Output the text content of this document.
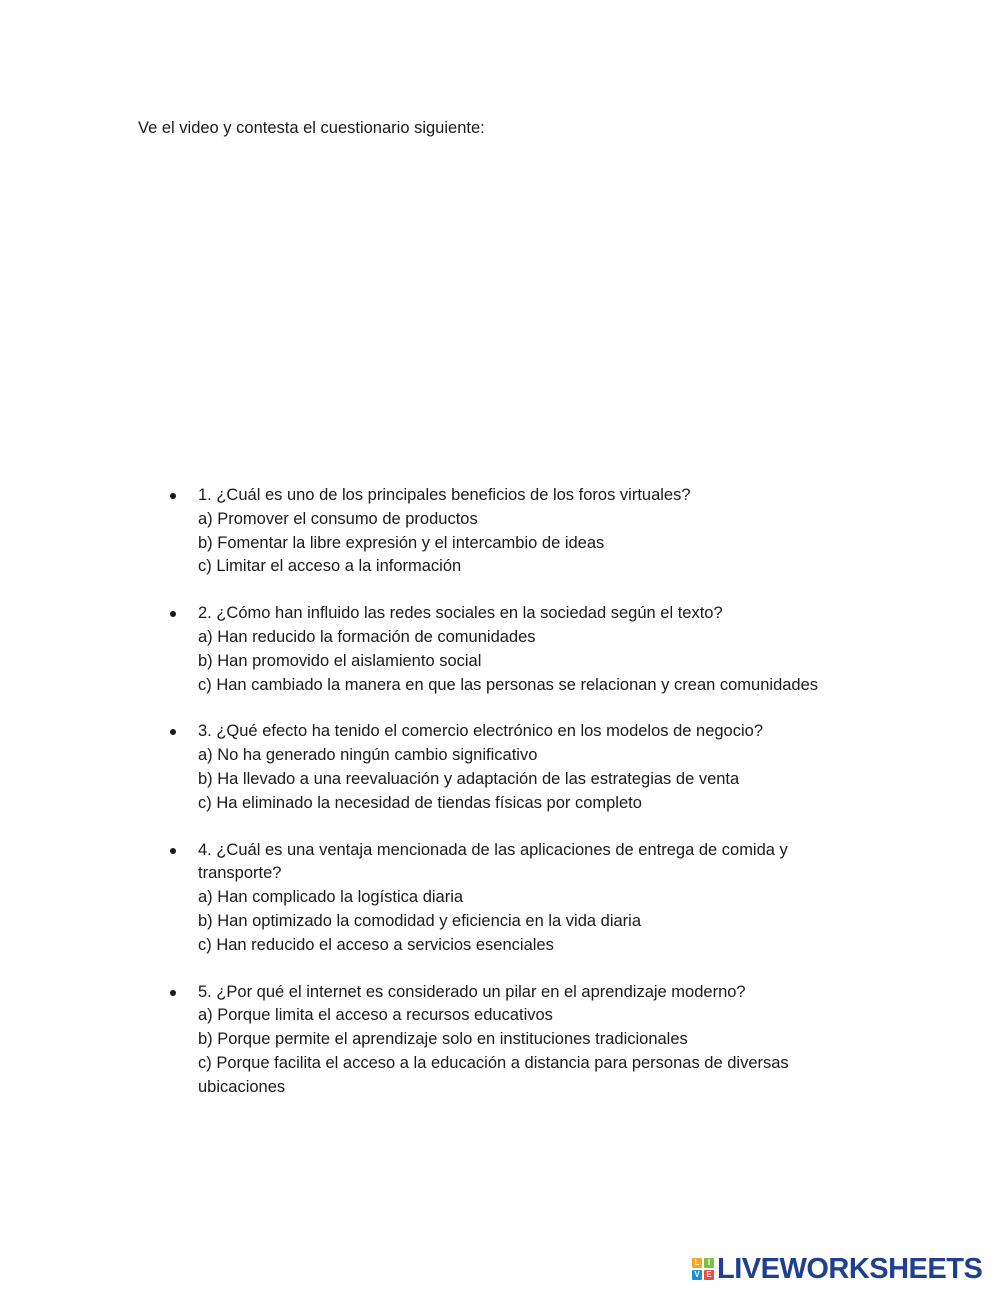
Ve el video y contesta el cuestionario siguiente:
1. ¿Cuál es uno de los principales beneficios de los foros virtuales?
a) Promover el consumo de productos
b) Fomentar la libre expresión y el intercambio de ideas
c) Limitar el acceso a la información
2. ¿Cómo han influido las redes sociales en la sociedad según el texto?
a) Han reducido la formación de comunidades
b) Han promovido el aislamiento social
c) Han cambiado la manera en que las personas se relacionan y crean comunidades
3. ¿Qué efecto ha tenido el comercio electrónico en los modelos de negocio?
a) No ha generado ningún cambio significativo
b) Ha llevado a una reevaluación y adaptación de las estrategias de venta
c) Ha eliminado la necesidad de tiendas físicas por completo
4. ¿Cuál es una ventaja mencionada de las aplicaciones de entrega de comida y transporte?
a) Han complicado la logística diaria
b) Han optimizado la comodidad y eficiencia en la vida diaria
c) Han reducido el acceso a servicios esenciales
5. ¿Por qué el internet es considerado un pilar en el aprendizaje moderno?
a) Porque limita el acceso a recursos educativos
b) Porque permite el aprendizaje solo en instituciones tradicionales
c) Porque facilita el acceso a la educación a distancia para personas de diversas ubicaciones
L	I
V E LIVEWORKSHEETS
